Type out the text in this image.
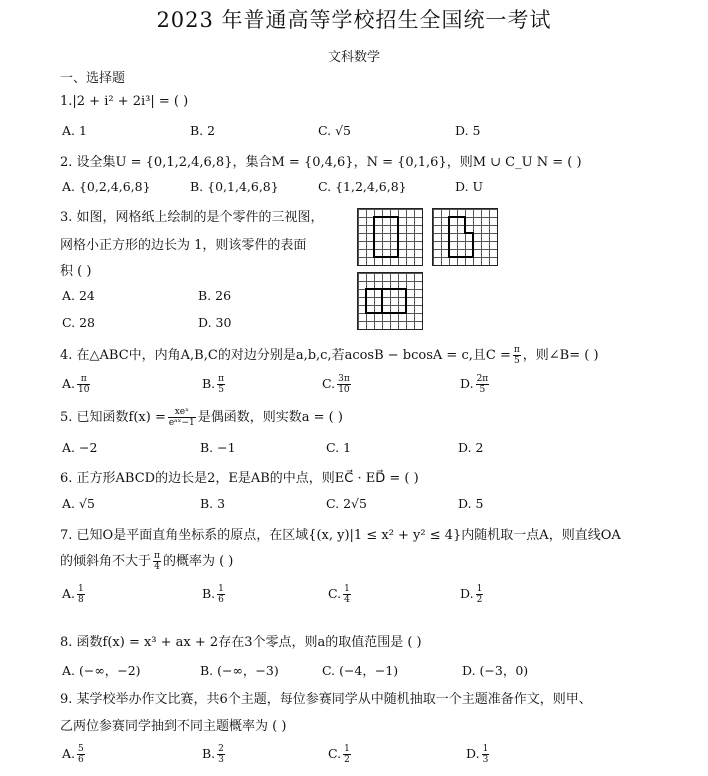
2023 年普通高等学校招生全国统一考试
文科数学
一、选择题
1.|2 + i² + 2i³| = ( )
A. 1	B. 2	C. √5	D. 5
2. 设全集U = {0,1,2,4,6,8}，集合M = {0,4,6}，N = {0,1,6}，则M ∪ C_U N = ( )
A. {0,2,4,6,8}	B. {0,1,4,6,8}	C. {1,2,4,6,8}	D. U
3. 如图，网格纸上绘制的是个零件的三视图，
网格小正方形的边长为 1，则该零件的表面
积 ( )
A. 24	B. 26
C. 28	D. 30
4. 在△ABC中，内角A,B,C的对边分别是a,b,c,若acosB − bcosA = c,且$C = \frac{\pi}{5}$ ，则∠B= ( )
A. $\frac{\pi}{10}$	B. $\frac{\pi}{5}$	C. $\frac{3\pi}{10}$	D. $\frac{2\pi}{5}$
5. 已知函数f(x) = xeˣ
eᵃˣ−1 是偶函数，则实数a = ( )
A. −2	B. −1	C. 1	D. 2
6. 正方形ABCD的边长是2，E是AB的中点，则EC⃗ · ED⃗ = ( )
A. √5	B. 3	C. 2√5	D. 5
7. 已知O是平面直角坐标系的原点，在区域{(x, y)|1 ≤ x² + y² ≤ 4}内随机取一点A，则直线OA
的倾斜角不大于 $\frac{\pi}{4}$ 的概率为 ( )
A. $\frac{1}{8}$	B. $\frac{1}{6}$	C. $\frac{1}{4}$	D. $\frac{1}{2}$
8. 函数f(x) = x³ + ax + 2存在3个零点，则a的取值范围是 ( )
A. (−∞，−2)	B. (−∞，−3)	C. (−4，−1)	D. (−3，0)
9. 某学校举办作文比赛，共6个主题，每位参赛同学从中随机抽取一个主题准备作文，则甲、
乙两位参赛同学抽到不同主题概率为 ( )
A. $\frac{5}{6}$	B. $\frac{2}{3}$	C. $\frac{1}{2}$	D. $\frac{1}{3}$
